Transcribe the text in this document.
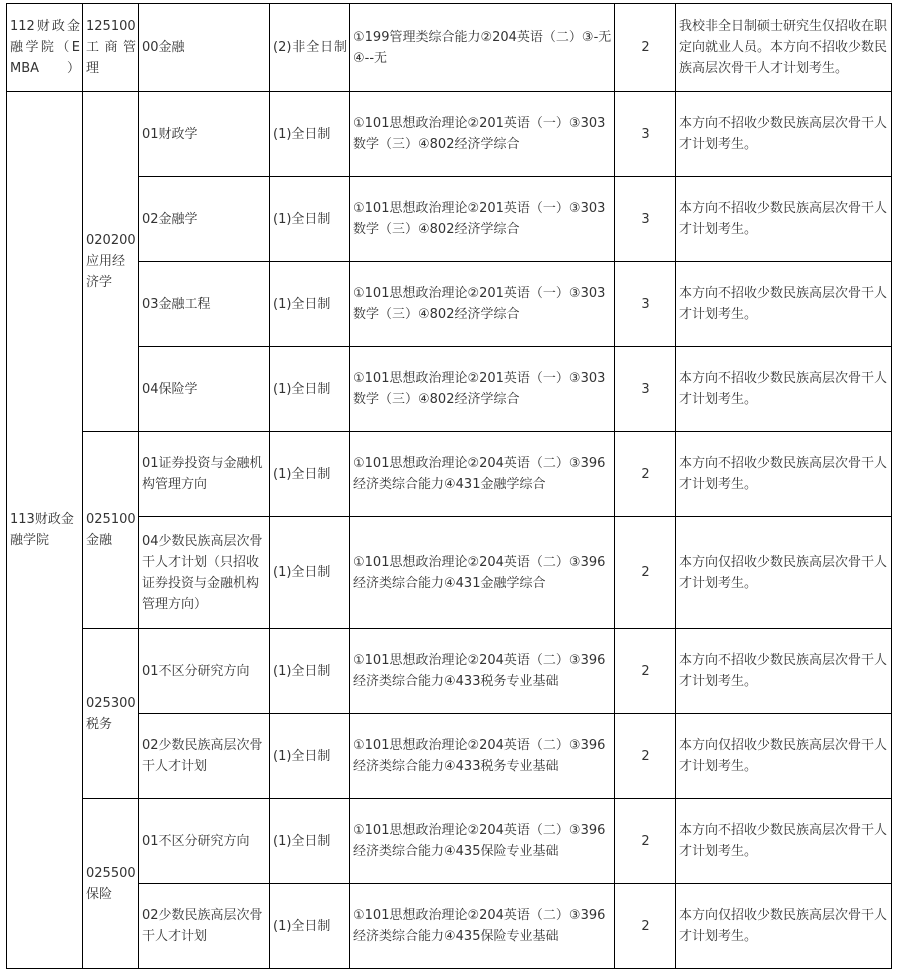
112财政金融学院（EMBA）	125100工商管理	00金融	(2)非全日制	①199管理类综合能力②204英语（二）③-无④--无	2	我校非全日制硕士研究生仅招收在职定向就业人员。本方向不招收少数民族高层次骨干人才计划考生。
113财政金融学院	020200应用经济学	01财政学	(1)全日制	①101思想政治理论②201英语（一）③303数学（三）④802经济学综合	3	本方向不招收少数民族高层次骨干人才计划考生。
		02金融学	(1)全日制	①101思想政治理论②201英语（一）③303数学（三）④802经济学综合	3	本方向不招收少数民族高层次骨干人才计划考生。
		03金融工程	(1)全日制	①101思想政治理论②201英语（一）③303数学（三）④802经济学综合	3	本方向不招收少数民族高层次骨干人才计划考生。
		04保险学	(1)全日制	①101思想政治理论②201英语（一）③303数学（三）④802经济学综合	3	本方向不招收少数民族高层次骨干人才计划考生。
	025100金融	01证券投资与金融机构管理方向	(1)全日制	①101思想政治理论②204英语（二）③396经济类综合能力④431金融学综合	2	本方向不招收少数民族高层次骨干人才计划考生。
		04少数民族高层次骨干人才计划（只招收证券投资与金融机构管理方向）	(1)全日制	①101思想政治理论②204英语（二）③396经济类综合能力④431金融学综合	2	本方向仅招收少数民族高层次骨干人才计划考生。
	025300税务	01不区分研究方向	(1)全日制	①101思想政治理论②204英语（二）③396经济类综合能力④433税务专业基础	2	本方向不招收少数民族高层次骨干人才计划考生。
		02少数民族高层次骨干人才计划	(1)全日制	①101思想政治理论②204英语（二）③396经济类综合能力④433税务专业基础	2	本方向仅招收少数民族高层次骨干人才计划考生。
	025500保险	01不区分研究方向	(1)全日制	①101思想政治理论②204英语（二）③396经济类综合能力④435保险专业基础	2	本方向不招收少数民族高层次骨干人才计划考生。
		02少数民族高层次骨干人才计划	(1)全日制	①101思想政治理论②204英语（二）③396经济类综合能力④435保险专业基础	2	本方向仅招收少数民族高层次骨干人才计划考生。
